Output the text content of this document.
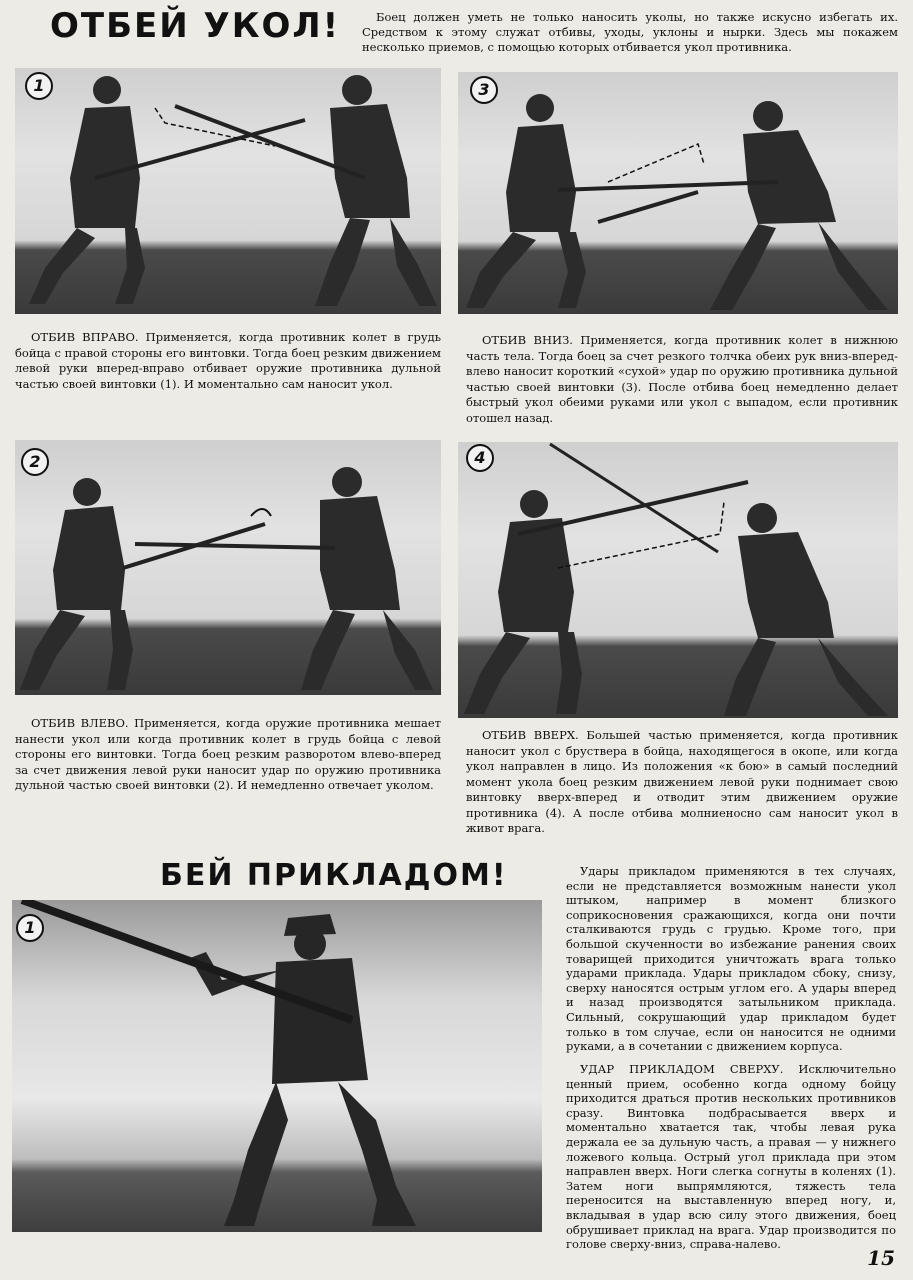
ОТБЕЙ УКОЛ!	Боец должен уметь не только наносить уколы, но также искусно избегать их. Средством к этому служат отбивы, уходы, уклоны и нырки. Здесь мы покажем несколько приемов, с помощью которых отбивается укол противника.

1

ОТБИВ ВПРАВО. Применяется, когда противник колет в грудь бойца с правой стороны его винтовки. Тогда боец резким движением левой руки вперед-вправо отбивает оружие противника дульной частью своей винтовки (1). И моментально сам наносит укол.

3

ОТБИВ ВНИЗ. Применяется, когда противник колет в нижнюю часть тела. Тогда боец за счет резкого толчка обеих рук вниз-вперед-влево наносит короткий «сухой» удар по оружию противника дульной частью своей винтовки (3). После отбива боец немедленно делает быстрый укол обеими руками или укол с выпадом, если противник отошел назад.

2

ОТБИВ ВЛЕВО. Применяется, когда оружие противника мешает нанести укол или когда противник колет в грудь бойца с левой стороны его винтовки. Тогда боец резким разворотом влево-вперед за счет движения левой руки наносит удар по оружию противника дульной частью своей винтовки (2). И немедленно отвечает уколом.

4

ОТБИВ ВВЕРХ. Большей частью применяется, когда противник наносит укол с бруствера в бойца, находящегося в окопе, или когда укол направлен в лицо. Из положения «к бою» в самый последний момент укола боец резким движением левой руки поднимает свою винтовку вверх-вперед и отводит этим движением оружие противника (4). А после отбива молниеносно сам наносит укол в живот врага.

БЕЙ ПРИКЛАДОМ!
1

Удары прикладом применяются в тех случаях, если не представляется возможным нанести укол штыком, например в момент близкого соприкосновения сражающихся, когда они почти сталкиваются грудь с грудью. Кроме того, при большой скученности во избежание ранения своих товарищей приходится уничтожать врага только ударами приклада. Удары прикладом сбоку, снизу, сверху наносятся острым углом его. А удары вперед и назад производятся затыльником приклада. Сильный, сокрушающий удар прикладом будет только в том случае, если он наносится не одними руками, а в сочетании с движением корпуса.

УДАР ПРИКЛАДОМ СВЕРХУ. Исключительно ценный прием, особенно когда одному бойцу приходится драться против нескольких противников сразу. Винтовка подбрасывается вверх и моментально хватается так, чтобы левая рука держала ее за дульную часть, а правая — у нижнего ложевого кольца. Острый угол приклада при этом направлен вверх. Ноги слегка согнуты в коленях (1). Затем ноги выпрямляются, тяжесть тела переносится на выставленную вперед ногу, и, вкладывая в удар всю силу этого движения, боец обрушивает приклад на врага. Удар производится по голове сверху-вниз, справа-налево.

15
